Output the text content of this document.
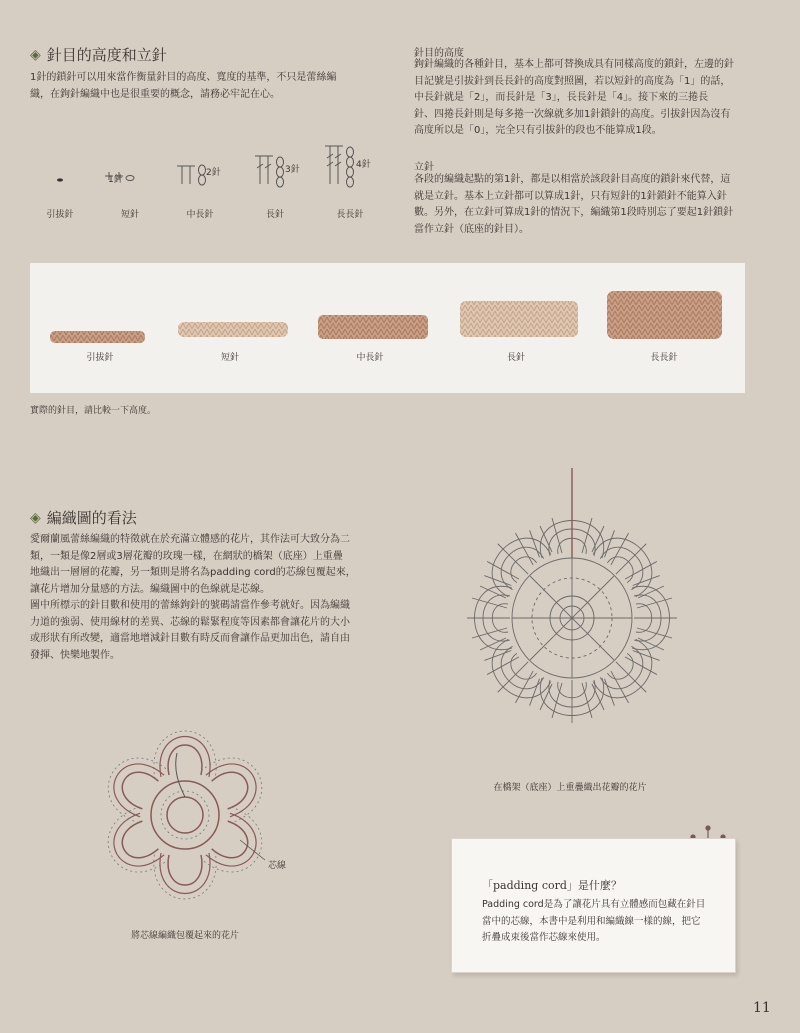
◈ 針目的高度和立針
1針的鎖針可以用來當作衡量針目的高度、寬度的基準，不只是蕾絲編
織，在鉤針編織中也是很重要的概念，請務必牢記在心。
1針
2針	3針	4針
引拔針	短針	中長針	長針	長長針
針目的高度
鉤針編織的各種針目，基本上都可替換成具有同樣高度的鎖針，左邊的針
目記號是引拔針到長長針的高度對照圖，若以短針的高度為「1」的話，
中長針就是「2」，而長針是「3」，長長針是「4」。接下來的三捲長
針、四捲長針則是每多捲一次線就多加1針鎖針的高度。引拔針因為沒有
高度所以是「0」，完全只有引拔針的段也不能算成1段。
立針
各段的編織起點的第1針，都是以相當於該段針目高度的鎖針來代替，這
就是立針。基本上立針都可以算成1針，只有短針的1針鎖針不能算入針
數。另外，在立針可算成1針的情況下，編織第1段時別忘了要起1針鎖針
當作立針（底座的針目）。
引拔針	短針	中長針	長針	長長針
實際的針目，請比較一下高度。
◈ 編織圖的看法
愛爾蘭風蕾絲編織的特徵就在於充滿立體感的花片，其作法可大致分為二
類，一類是像2層或3層花瓣的玫瑰一樣，在網狀的橋架（底座）上重疊
地織出一層層的花瓣，另一類則是將名為padding cord的芯線包覆起來，
讓花片增加分量感的方法。編織圖中的色線就是芯線。
圖中所標示的針目數和使用的蕾絲鉤針的號碼請當作參考就好。因為編織
力道的強弱、使用線材的差異、芯線的鬆緊程度等因素都會讓花片的大小
或形狀有所改變，適當地增減針目數有時反而會讓作品更加出色，請自由
發揮、快樂地製作。
在橋架（底座）上重疊織出花瓣的花片
芯線
將芯線編織包覆起來的花片
「padding cord」是什麼？
Padding cord是為了讓花片具有立體感而包藏在針目
當中的芯線，本書中是利用和編織線一樣的線，把它
折疊成束後當作芯線來使用。
11
